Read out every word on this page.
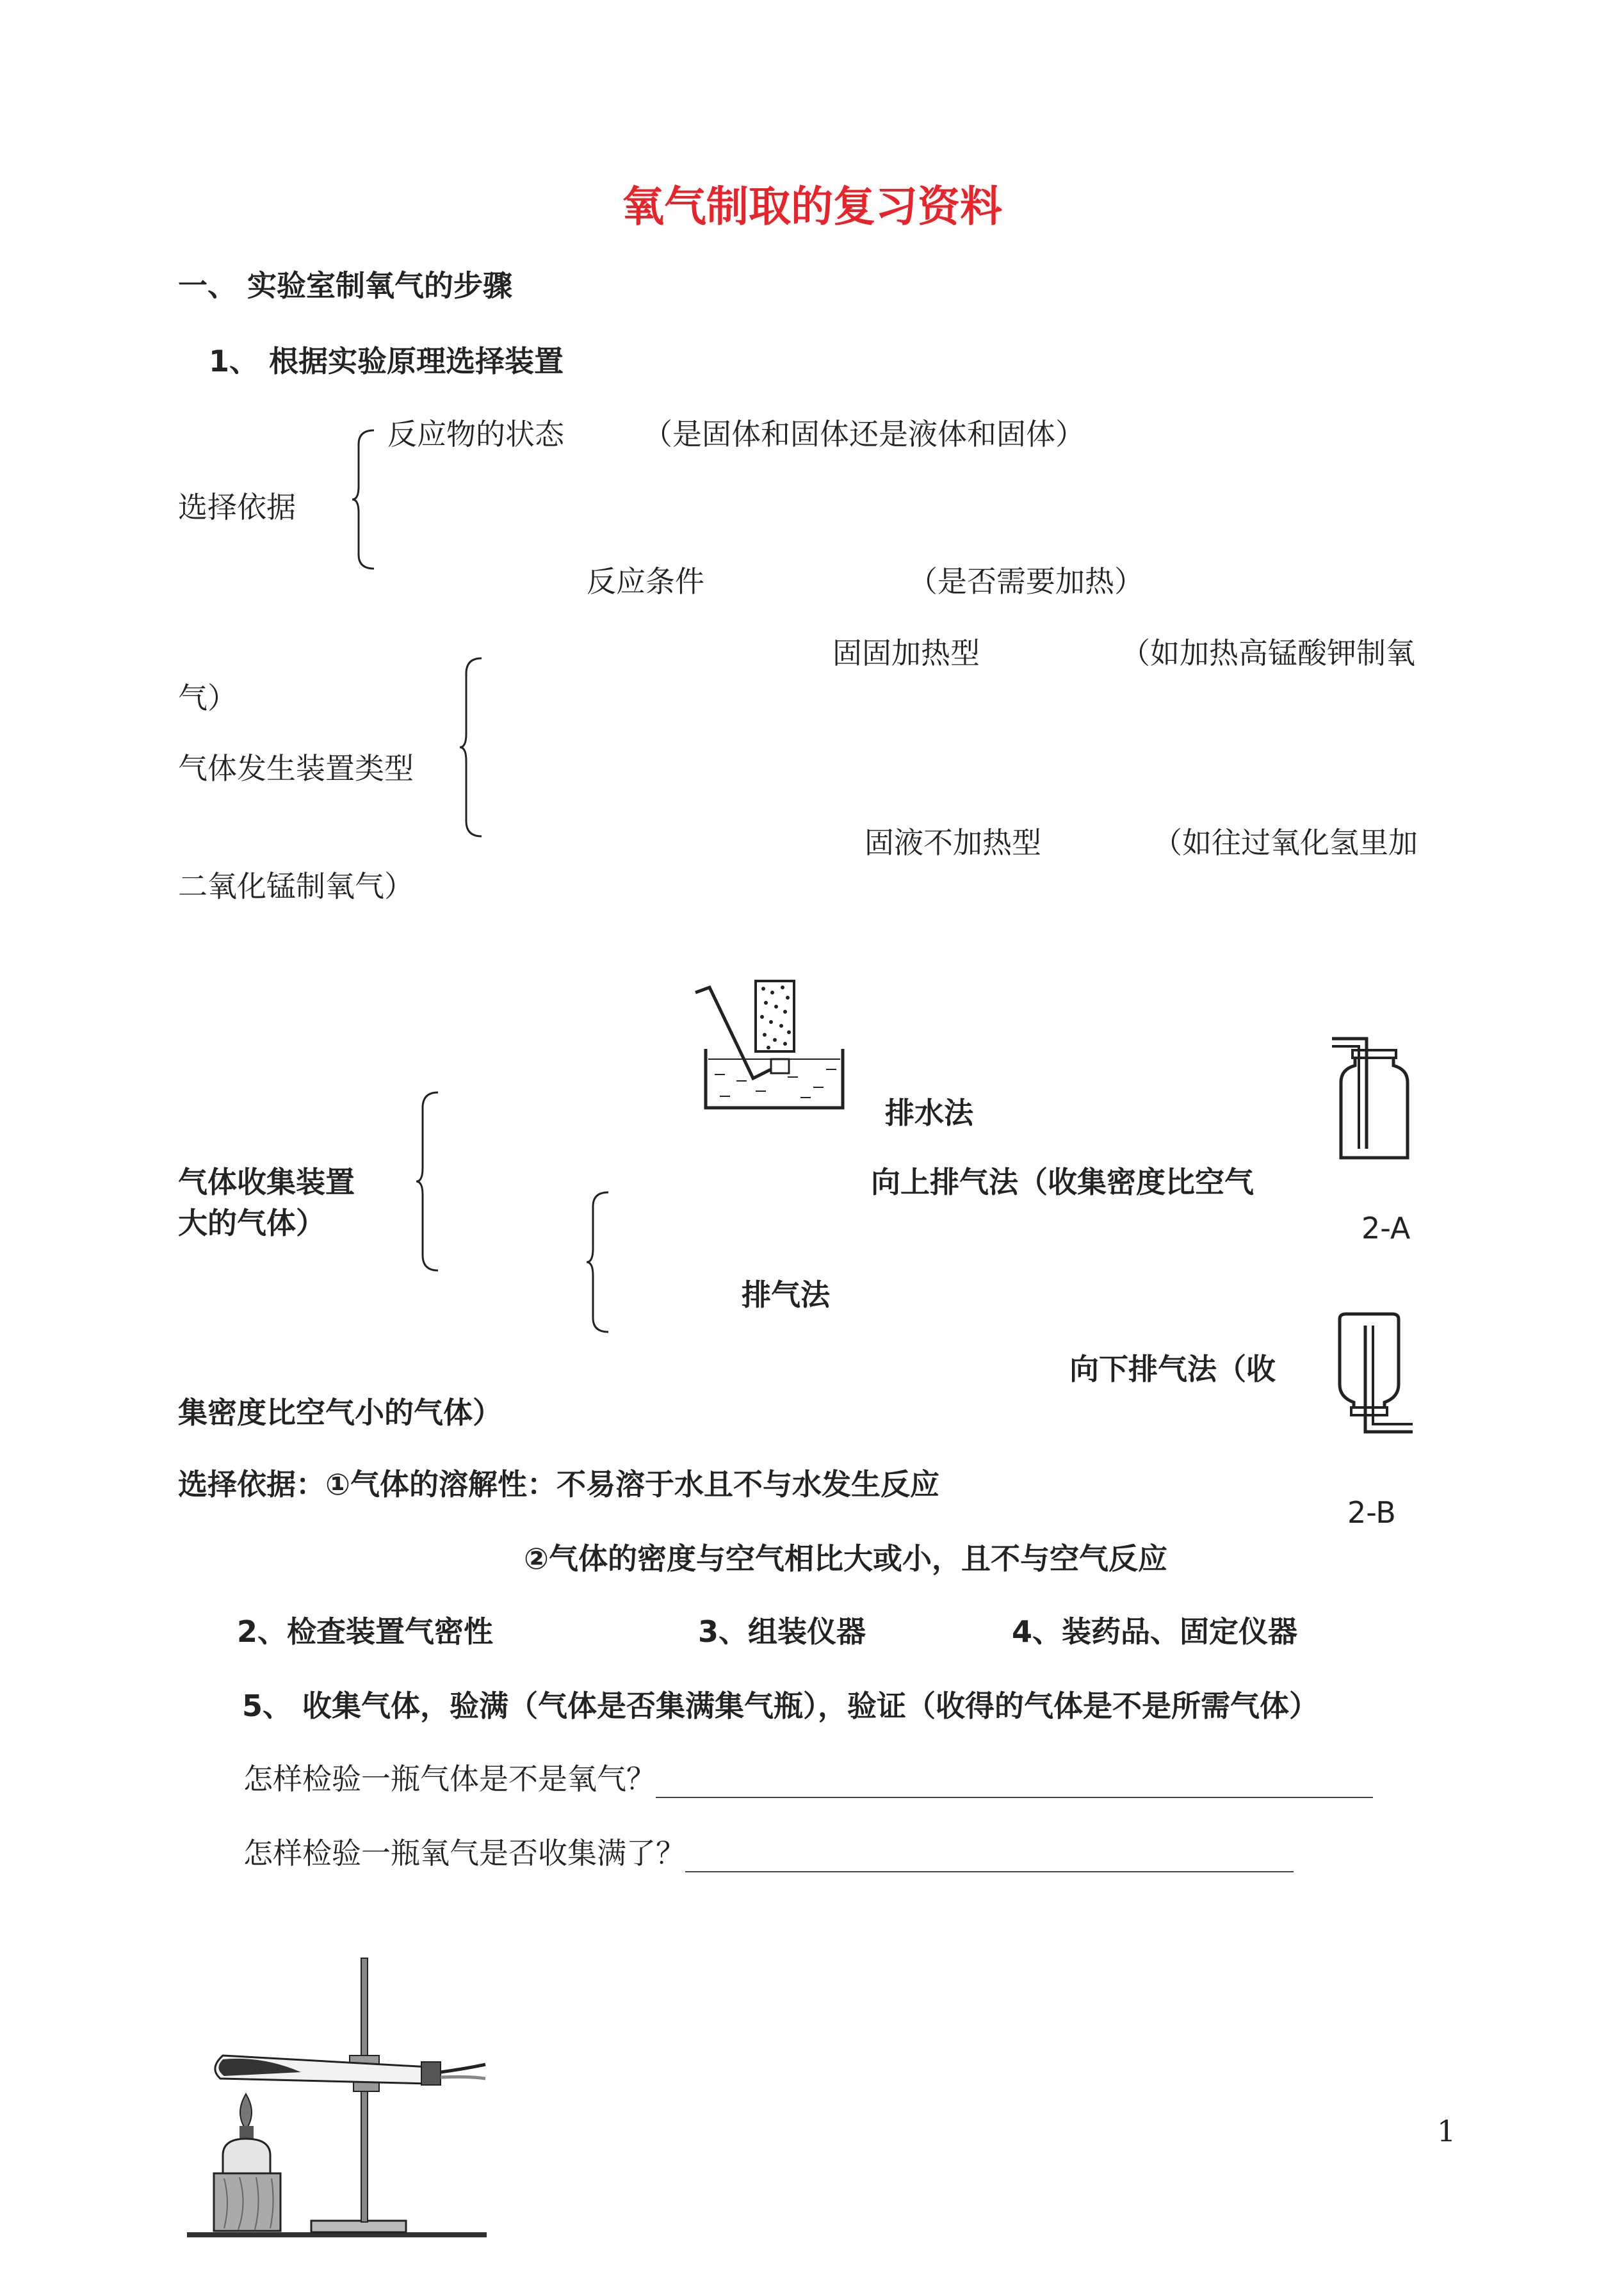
氧气制取的复习资料
一、 实验室制氧气的步骤
1、 根据实验原理选择装置
反应物的状态	（是固体和固体还是液体和固体）
选择依据
反应条件	（是否需要加热）
固固加热型	（如加热高锰酸钾制氧
气）
气体发生装置类型
固液不加热型	（如往过氧化氢里加
二氧化锰制氧气）
排水法
气体收集装置	向上排气法（收集密度比空气
大的气体）	2-A
排气法
向下排气法（收
集密度比空气小的气体）
选择依据：①气体的溶解性：不易溶于水且不与水发生反应
2-B
②气体的密度与空气相比大或小，且不与空气反应
2、检查装置气密性	3、组装仪器	4、装药品、固定仪器
5、 收集气体，验满（气体是否集满集气瓶），验证（收得的气体是不是所需气体）
怎样检验一瓶气体是不是氧气？
怎样检验一瓶氧气是否收集满了？
1
